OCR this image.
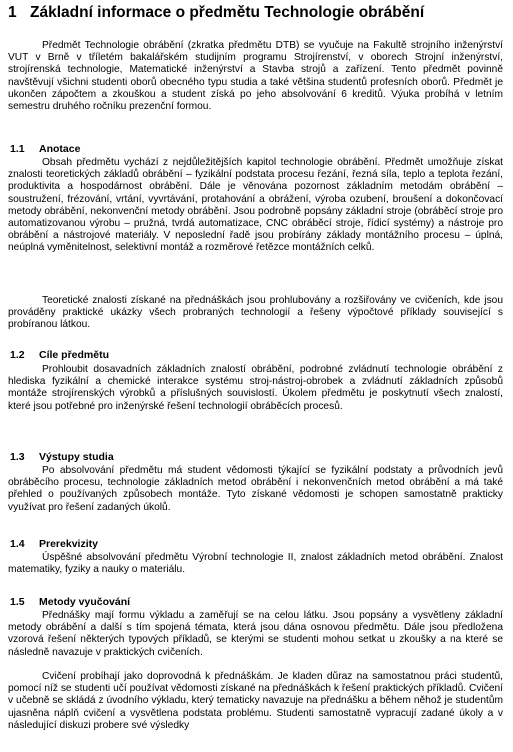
1 Základní informace o předmětu Technologie obrábění
Předmět Technologie obrábění (zkratka předmětu DTB) se vyučuje na Fakultě strojního inženýrství VUT v Brně v tříletém bakalářském studijním programu Strojírenství, v oborech Strojní inženýrství, strojírenská technologie, Matematické inženýrství a Stavba strojů a zařízení. Tento předmět povinně navštěvují všichni studenti oborů obecného typu studia a také většina studentů profesních oborů. Předmět je ukončen zápočtem a zkouškou a student získá po jeho absolvování 6 kreditů. Výuka probíhá v letním semestru druhého ročníku prezenční formou.
1.1 Anotace
Obsah předmětu vychází z nejdůležitějších kapitol technologie obrábění. Předmět umožňuje získat znalosti teoretických základů obrábění – fyzikální podstata procesu řezání, řezná síla, teplo a teplota řezání, produktivita a hospodárnost obrábění. Dále je věnována pozornost základním metodám obrábění – soustružení, frézování, vrtání, vyvrtávání, protahování a obrážení, výroba ozubení, broušení a dokončovací metody obrábění, nekonvenční metody obrábění. Jsou podrobně popsány základní stroje (obráběcí stroje pro automatizovanou výrobu – pružná, tvrdá automatizace, CNC obráběcí stroje, řídicí systémy) a nástroje pro obrábění a nástrojové materiály. V neposlední řadě jsou probírány základy montážního procesu – úplná, neúplná vyměnitelnost, selektivní montáž a rozměrové řetězce montážních celků.
Teoretické znalosti získané na přednáškách jsou prohlubovány a rozšiřovány ve cvičeních, kde jsou prováděny praktické ukázky všech probraných technologií a řešeny výpočtové příklady související s probíranou látkou.
1.2 Cíle předmětu
Prohloubit dosavadních základních znalostí obrábění, podrobné zvládnutí technologie obrábění z hlediska fyzikální a chemické interakce systému stroj-nástroj-obrobek a zvládnutí základních způsobů montáže strojírenských výrobků a příslušných souvislostí. Úkolem předmětu je poskytnutí všech znalostí, které jsou potřebné pro inženýrské řešení technologií obráběcích procesů.
1.3 Výstupy studia
Po absolvování předmětu má student vědomosti týkající se fyzikální podstaty a průvodních jevů obráběcího procesu, technologie základních metod obrábění i nekonvenčních metod obrábění a má také přehled o používaných způsobech montáže. Tyto získané vědomosti je schopen samostatně prakticky využívat pro řešení zadaných úkolů.
1.4 Prerekvizity
Úspěšné absolvování předmětu Výrobní technologie II, znalost základních metod obrábění. Znalost matematiky, fyziky a nauky o materiálu.
1.5 Metody vyučování
Přednášky mají formu výkladu a zaměřují se na celou látku. Jsou popsány a vysvětleny základní metody obrábění a další s tím spojená témata, která jsou dána osnovou předmětu. Dále jsou předložena vzorová řešení některých typových příkladů, se kterými se studenti mohou setkat u zkoušky a na které se následně navazuje v praktických cvičeních.
Cvičení probíhají jako doprovodná k přednáškám. Je kladen důraz na samostatnou práci studentů, pomocí níž se studenti učí používat vědomosti získané na přednáškách k řešení praktických příkladů. Cvičení v učebně se skládá z úvodního výkladu, který tematicky navazuje na přednášku a během něhož je studentům ujasněna náplň cvičení a vysvětlena podstata problému. Studenti samostatně vypracují zadané úkoly a v následující diskuzi probere své výsledky
